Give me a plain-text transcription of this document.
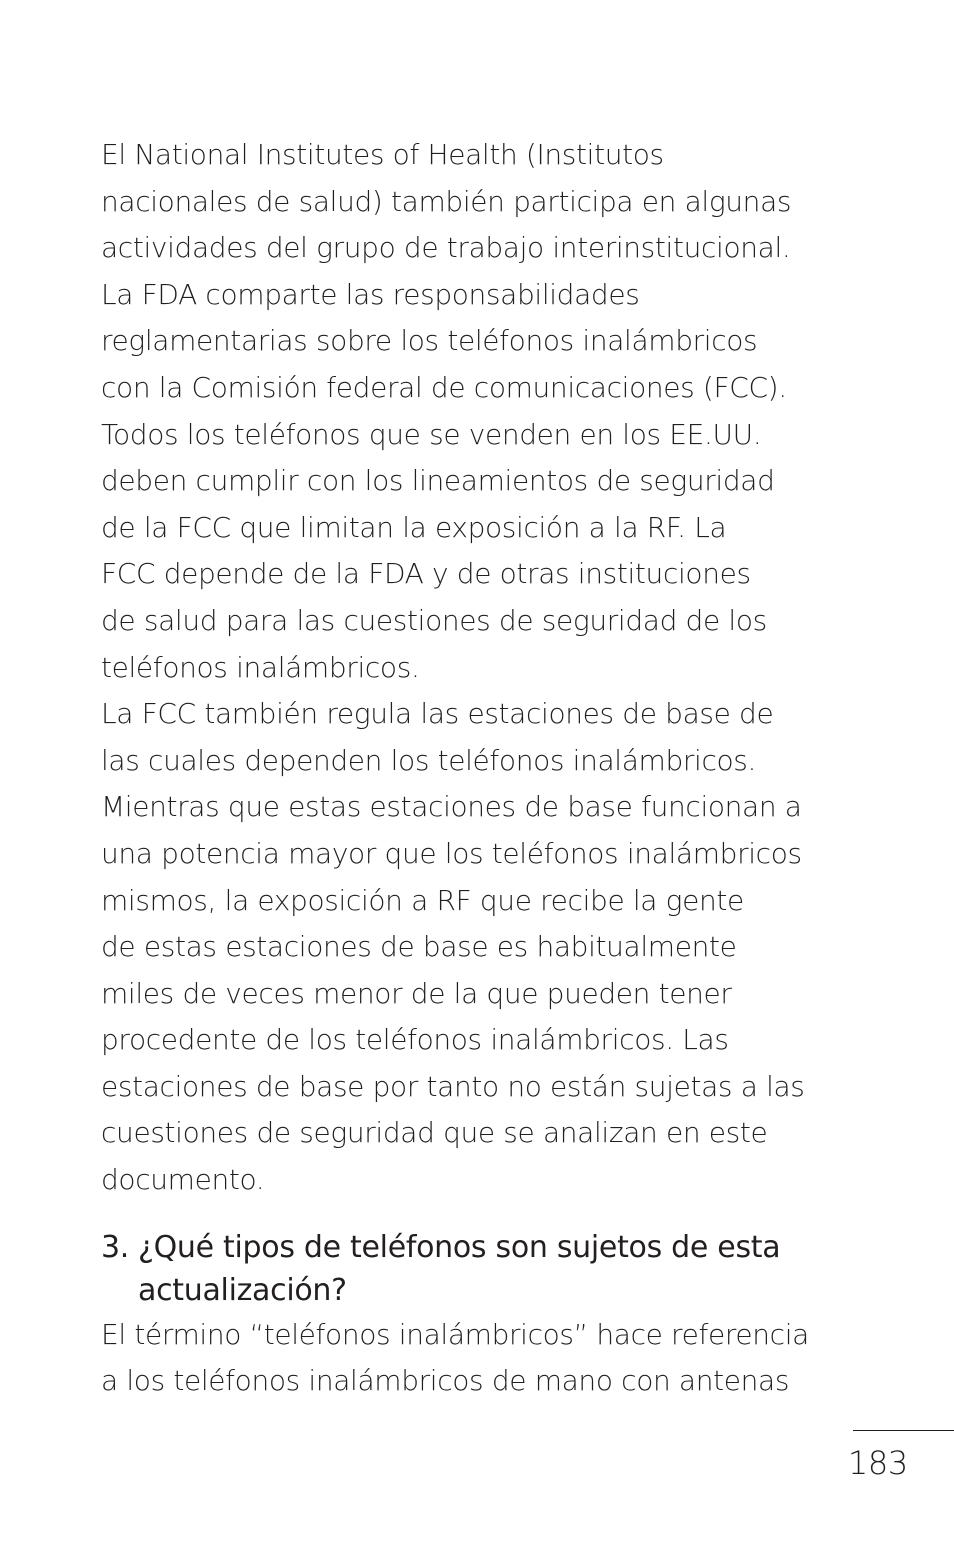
El National Institutes of Health (Institutos
nacionales de salud) también participa en algunas
actividades del grupo de trabajo interinstitucional.
La FDA comparte las responsabilidades
reglamentarias sobre los teléfonos inalámbricos
con la Comisión federal de comunicaciones (FCC).
Todos los teléfonos que se venden en los EE.UU.
deben cumplir con los lineamientos de seguridad
de la FCC que limitan la exposición a la RF. La
FCC depende de la FDA y de otras instituciones
de salud para las cuestiones de seguridad de los
teléfonos inalámbricos.
La FCC también regula las estaciones de base de
las cuales dependen los teléfonos inalámbricos.
Mientras que estas estaciones de base funcionan a
una potencia mayor que los teléfonos inalámbricos
mismos, la exposición a RF que recibe la gente
de estas estaciones de base es habitualmente
miles de veces menor de la que pueden tener
procedente de los teléfonos inalámbricos. Las
estaciones de base por tanto no están sujetas a las
cuestiones de seguridad que se analizan en este
documento.
3. ¿Qué tipos de teléfonos son sujetos de esta
actualización?
El término “teléfonos inalámbricos” hace referencia
a los teléfonos inalámbricos de mano con antenas
183
